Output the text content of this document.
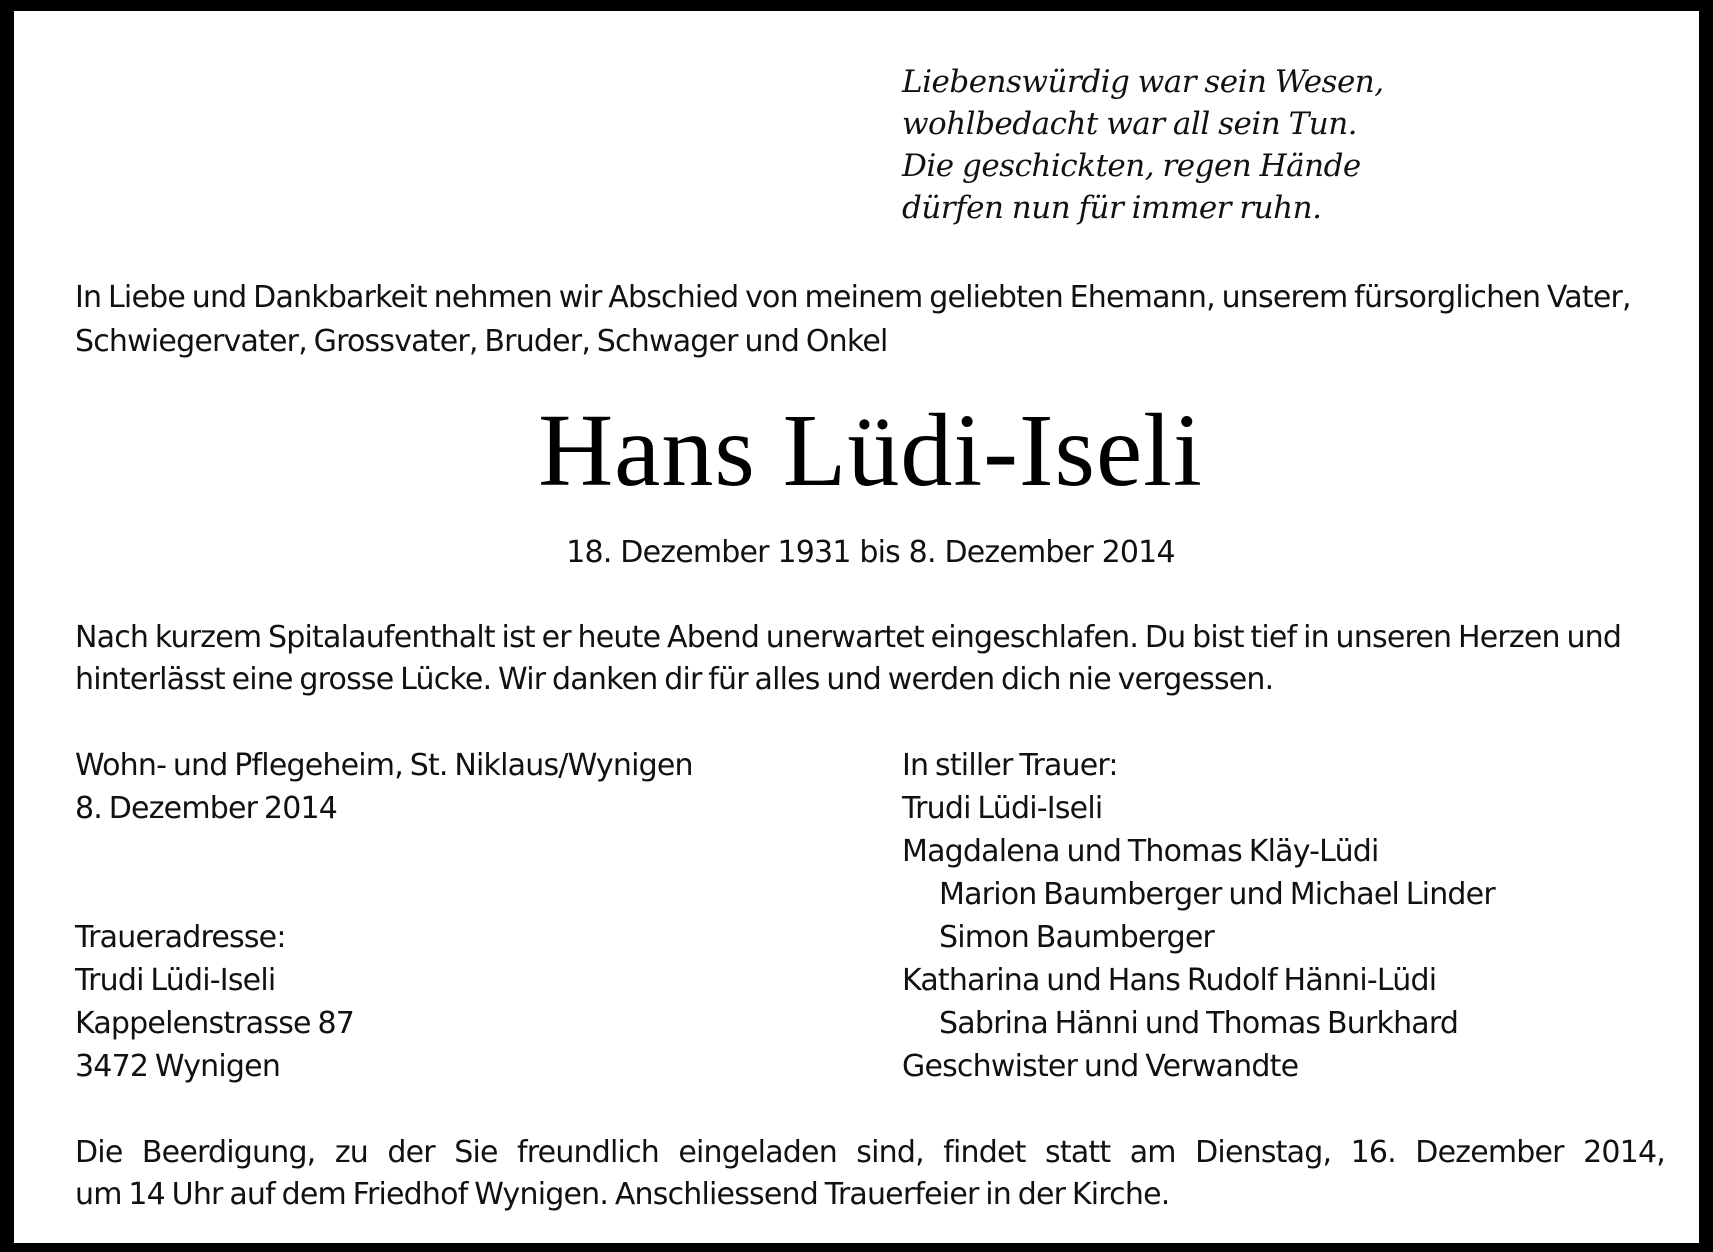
Liebenswürdig war sein Wesen,
wohlbedacht war all sein Tun.
Die geschickten, regen Hände
dürfen nun für immer ruhn.
In Liebe und Dankbarkeit nehmen wir Abschied von meinem geliebten Ehemann, unserem fürsorglichen Vater,
Schwiegervater, Grossvater, Bruder, Schwager und Onkel
Hans Lüdi-Iseli
18. Dezember 1931 bis 8. Dezember 2014
Nach kurzem Spitalaufenthalt ist er heute Abend unerwartet eingeschlafen. Du bist tief in unseren Herzen und
hinterlässt eine grosse Lücke. Wir danken dir für alles und werden dich nie vergessen.
Wohn- und Pflegeheim, St. Niklaus/Wynigen
8. Dezember 2014
Traueradresse:
Trudi Lüdi-Iseli
Kappelenstrasse 87
3472 Wynigen
In stiller Trauer:
Trudi Lüdi-Iseli
Magdalena und Thomas Kläy-Lüdi
Marion Baumberger und Michael Linder
Simon Baumberger
Katharina und Hans Rudolf Hänni-Lüdi
Sabrina Hänni und Thomas Burkhard
Geschwister und Verwandte
Die Beerdigung, zu der Sie freundlich eingeladen sind, findet statt am Dienstag, 16. Dezember 2014,
um 14 Uhr auf dem Friedhof Wynigen. Anschliessend Trauerfeier in der Kirche.
